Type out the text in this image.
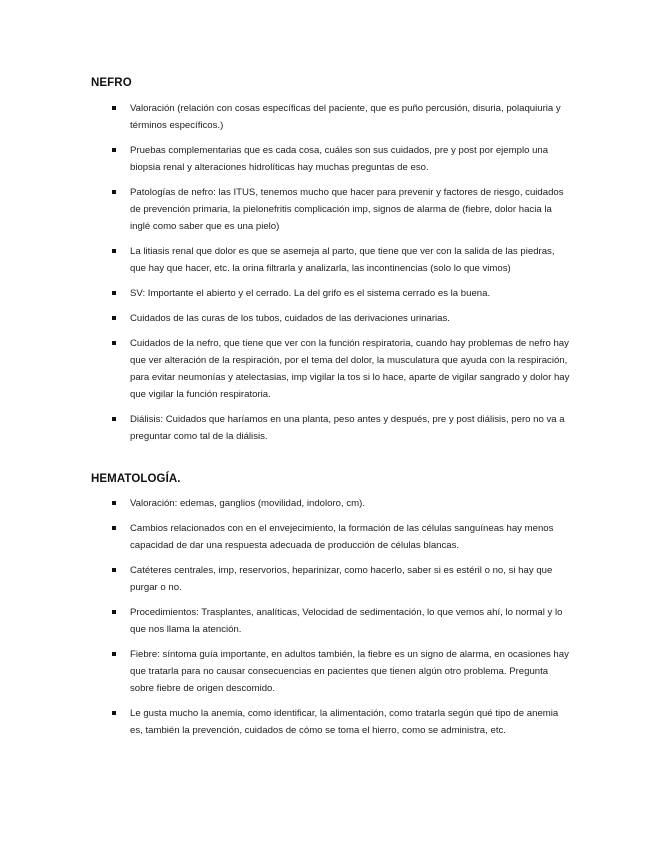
NEFRO
Valoración (relación con cosas específicas del paciente, que es puño percusión, disuria, polaquiuria y términos específicos.)
Pruebas complementarias que es cada cosa, cuáles son sus cuidados, pre y post por ejemplo una biopsia renal y alteraciones hidrolíticas hay muchas preguntas de eso.
Patologías de nefro: las ITUS, tenemos mucho que hacer para prevenir y factores de riesgo, cuidados de prevención primaria, la pielonefritis complicación imp, signos de alarma de (fiebre, dolor hacia la inglé como saber que es una pielo)
La litiasis renal que dolor es que se asemeja al parto, que tiene que ver con la salida de las piedras, que hay que hacer, etc. la orina filtrarla y analizarla, las incontinencias (solo lo que vimos)
SV: Importante el abierto y el cerrado. La del grifo es el sistema cerrado es la buena.
Cuidados de las curas de los tubos, cuidados de las derivaciones urinarias.
Cuidados de la nefro, que tiene que ver con la función respiratoria, cuando hay problemas de nefro hay que ver alteración de la respiración, por el tema del dolor, la musculatura que ayuda con la respiración, para evitar neumonías y atelectasias, imp vigilar la tos si lo hace, aparte de vigilar sangrado y dolor hay que vigilar la función respiratoria.
Diálisis: Cuidados que haríamos en una planta, peso antes y después, pre y post diálisis, pero no va a preguntar como tal de la diálisis.
HEMATOLOGÍA.
Valoración: edemas, ganglios (movilidad, indoloro, cm).
Cambios relacionados con en el envejecimiento, la formación de las células sanguíneas hay menos capacidad de dar una respuesta adecuada de producción de células blancas.
Catéteres centrales, imp, reservorios, heparinizar, como hacerlo, saber si es estéril o no, si hay que purgar o no.
Procedimientos: Trasplantes, analíticas, Velocidad de sedimentación, lo que vemos ahí, lo normal y lo que nos llama la atención.
Fiebre: síntoma guía importante, en adultos también, la fiebre es un signo de alarma, en ocasiones hay que tratarla para no causar consecuencias en pacientes que tienen algún otro problema. Pregunta sobre fiebre de origen descomido.
Le gusta mucho la anemia, como identificar, la alimentación, como tratarla según qué tipo de anemia es, también la prevención, cuidados de cómo se toma el hierro, como se administra, etc.
